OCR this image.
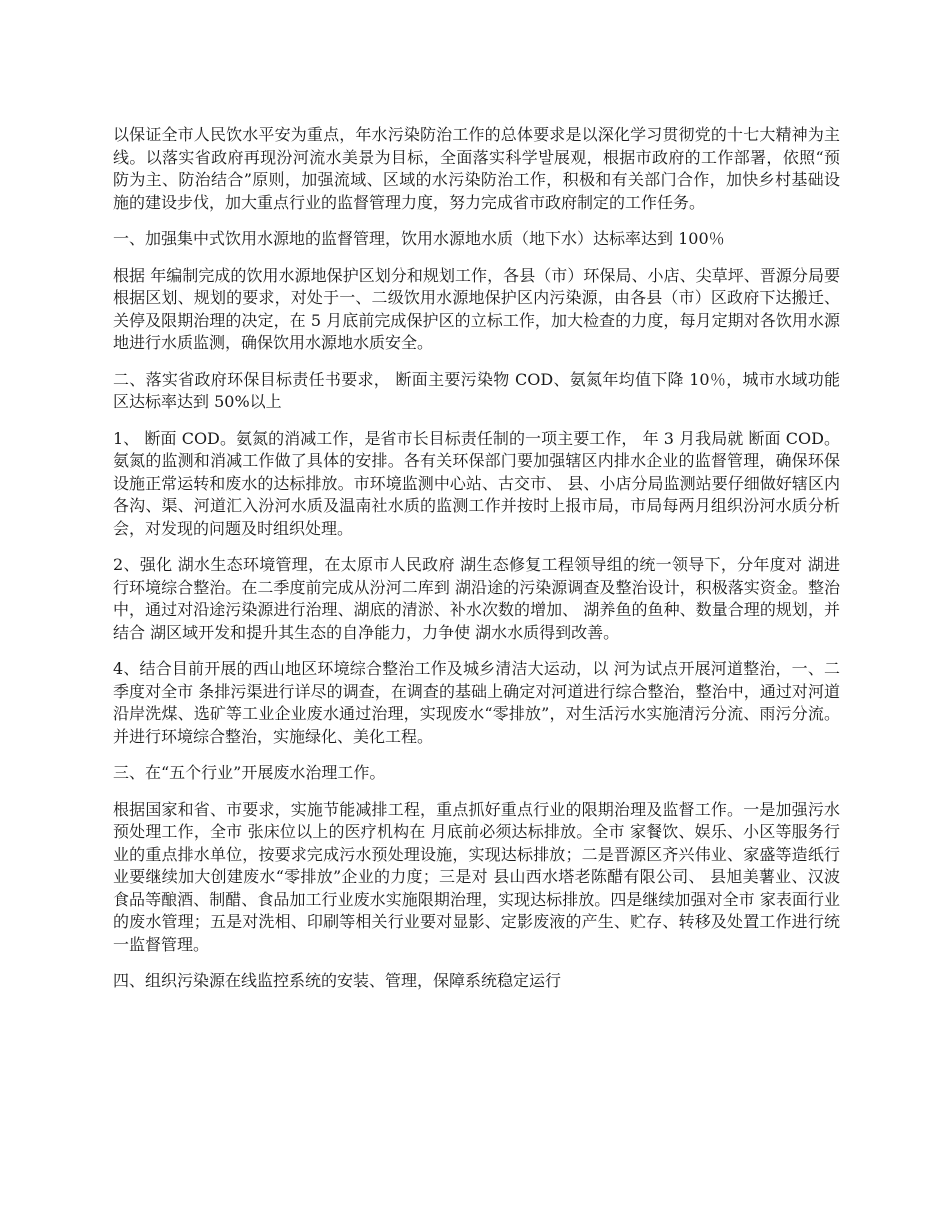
以保证全市人民饮水平安为重点，年水污染防治工作的总体要求是以深化学习贯彻党的十七大精神为主线。以落实省政府再现汾河流水美景为目标，全面落实科学발展观，根据市政府的工作部署，依照“预防为主、防治结合”原则，加强流域、区域的水污染防治工作，积极和有关部门合作，加快乡村基础设施的建设步伐，加大重点行业的监督管理力度，努力完成省市政府制定的工作任务。

一、加强集中式饮用水源地的监督管理，饮用水源地水质（地下水）达标率达到 100％

根据 年编制完成的饮用水源地保护区划分和规划工作，各县（市）环保局、小店、尖草坪、晋源分局要根据区划、规划的要求，对处于一、二级饮用水源地保护区内污染源，由各县（市）区政府下达搬迁、关停及限期治理的决定，在 5 月底前完成保护区的立标工作，加大检查的力度，每月定期对各饮用水源地进行水质监测，确保饮用水源地水质安全。

二、落实省政府环保目标责任书要求， 断面主要污染物 COD、氨氮年均值下降 10％，城市水域功能区达标率达到 50%以上

1、 断面 COD。氨氮的消减工作，是省市长目标责任制的一项主要工作， 年 3 月我局就 断面 COD。氨氮的监测和消减工作做了具体的安排。各有关环保部门要加强辖区内排水企业的监督管理，确保环保设施正常运转和废水的达标排放。市环境监测中心站、古交市、 县、小店分局监测站要仔细做好辖区内各沟、渠、河道汇入汾河水质及温南社水质的监测工作并按时上报市局，市局每两月组织汾河水质分析会，对发现的问题及时组织处理。

2、强化 湖水生态环境管理，在太原市人民政府 湖生态修复工程领导组的统一领导下，分年度对 湖进行环境综合整治。在二季度前完成从汾河二库到 湖沿途的污染源调查及整治设计，积极落实资金。整治中，通过对沿途污染源进行治理、湖底的清淤、补水次数的增加、 湖养鱼的鱼种、数量合理的规划，并结合 湖区域开发和提升其生态的自净能力，力争使 湖水水质得到改善。

4、结合目前开展的西山地区环境综合整治工作及城乡清洁大运动，以 河为试点开展河道整治，一、二季度对全市 条排污渠进行详尽的调查，在调查的基础上确定对河道进行综合整治，整治中，通过对河道沿岸洗煤、选矿等工业企业废水通过治理，实现废水“零排放”，对生活污水实施清污分流、雨污分流。并进行环境综合整治，实施绿化、美化工程。

三、在“五个行业”开展废水治理工作。

根据国家和省、市要求，实施节能减排工程，重点抓好重点行业的限期治理及监督工作。一是加强污水预处理工作，全市 张床位以上的医疗机构在 月底前必须达标排放。全市 家餐饮、娱乐、小区等服务行业的重点排水单位，按要求完成污水预处理设施，实现达标排放；二是晋源区齐兴伟业、家盛等造纸行业要继续加大创建废水“零排放”企业的力度；三是对 县山西水塔老陈醋有限公司、 县旭美薯业、汉波食品等酿酒、制醋、食品加工行业废水实施限期治理，实现达标排放。四是继续加强对全市 家表面行业的废水管理；五是对洗相、印刷等相关行业要对显影、定影废液的产生、贮存、转移及处置工作进行统一监督管理。

四、组织污染源在线监控系统的安装、管理，保障系统稳定运行
